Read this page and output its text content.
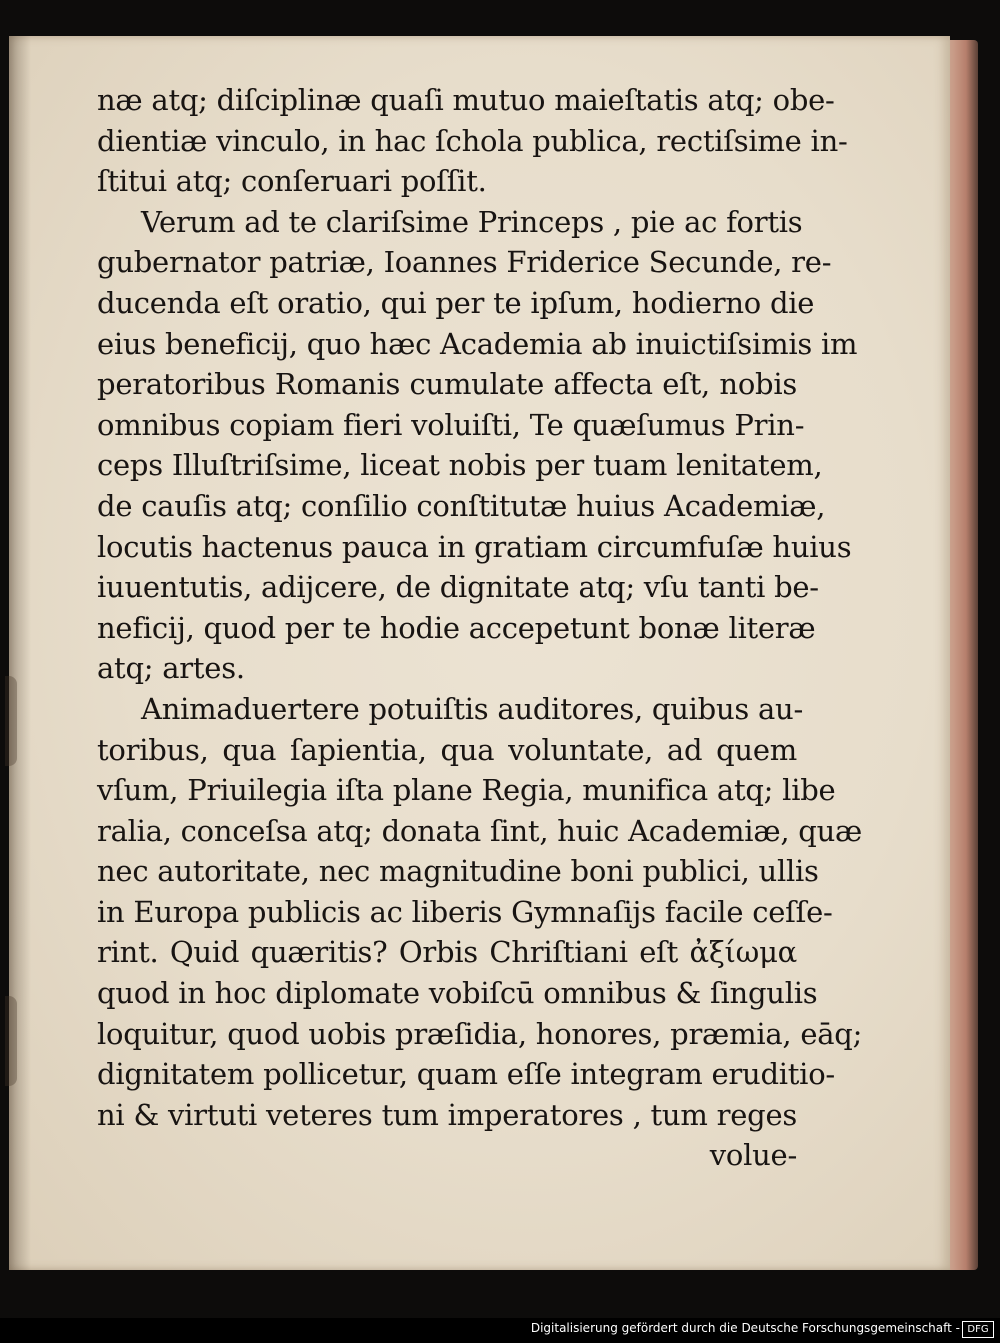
næ atq; diſciplinæ quaſi mutuo maieſtatis atq; obe-
dientiæ vinculo, in hac ſchola publica, rectiſsime in-
ſtitui atq; conſeruari poſſit.
Verum ad te clariſsime Princeps , pie ac fortis
gubernator patriæ, Ioannes Friderice Secunde, re-
ducenda eſt oratio, qui per te ipſum, hodierno die
eius beneficij, quo hæc Academia ab inuictiſsimis im
peratoribus Romanis cumulate affecta eſt, nobis
omnibus copiam fieri voluiſti, Te quæſumus Prin-
ceps Illuſtriſsime, liceat nobis per tuam lenitatem,
de cauſis atq; conſilio conſtitutæ huius Academiæ,
locutis hactenus pauca in gratiam circumfuſæ huius
iuuentutis, adijcere, de dignitate atq; vſu tanti be-
neficij, quod per te hodie accepetunt bonæ literæ
atq; artes.
Animaduertere potuiſtis auditores, quibus au-
toribus, qua ſapientia, qua voluntate, ad quem
vſum, Priuilegia iſta plane Regia, munifica atq; libe
ralia, conceſsa atq; donata ſint, huic Academiæ, quæ
nec autoritate, nec magnitudine boni publici, ullis
in Europa publicis ac liberis Gymnaſijs facile ceſſe-
rint. Quid quæritis? Orbis Chriſtiani eſt ἀξίωμα
quod in hoc diplomate vobiſcū omnibus & ſingulis
loquitur, quod uobis præſidia, honores, præmia, eāq;
dignitatem pollicetur, quam eſſe integram eruditio-
ni & virtuti veteres tum imperatores , tum reges
volue-
Digitalisierung gefördert durch die Deutsche Forschungsgemeinschaft - DFG
